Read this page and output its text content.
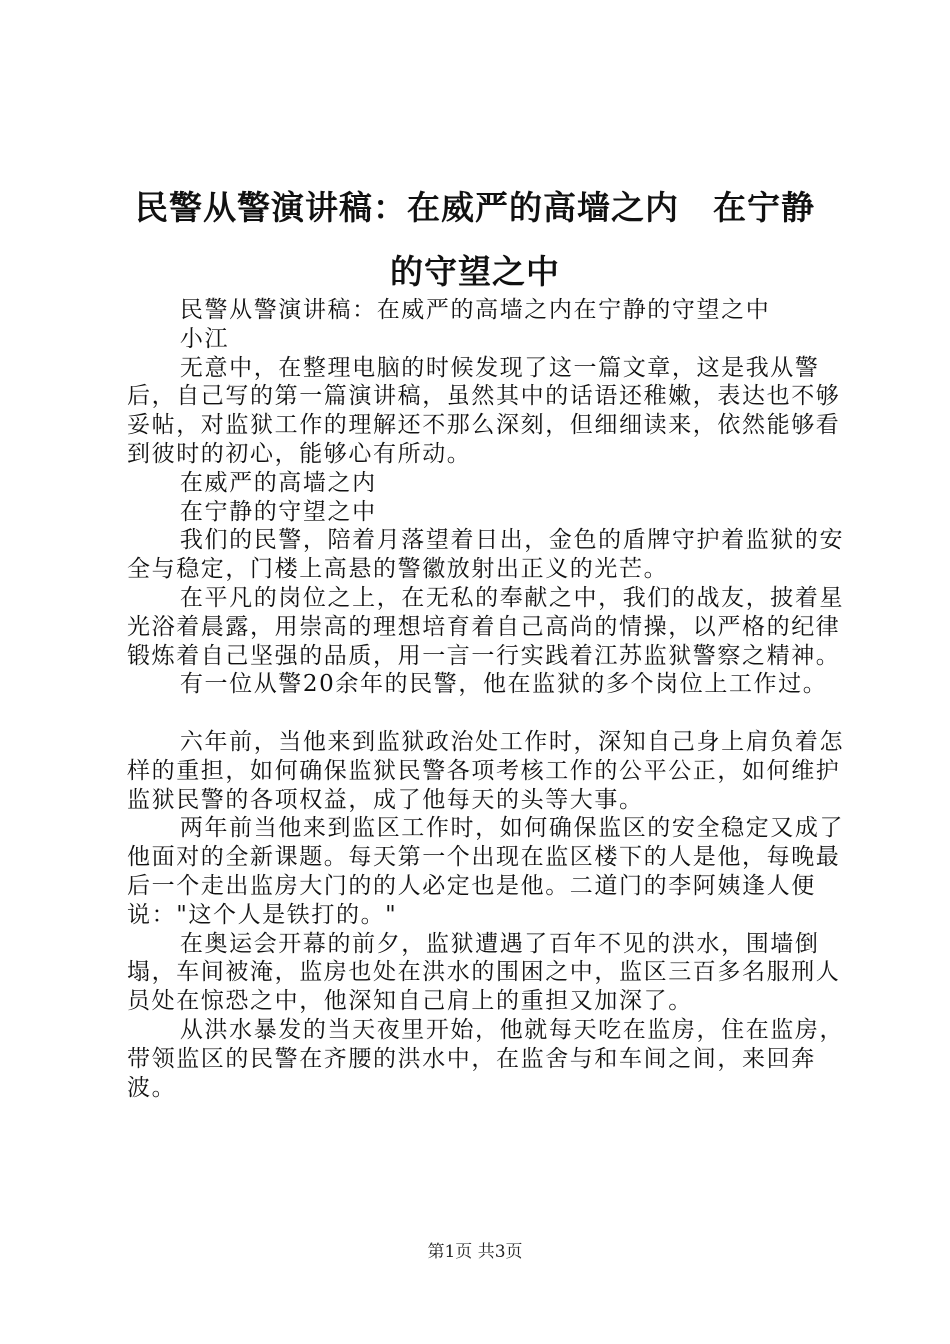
民警从警演讲稿：在威严的高墙之内　在宁静
的守望之中

民警从警演讲稿：在威严的高墙之内在宁静的守望之中

小江

无意中，在整理电脑的时候发现了这一篇文章，这是我从警后，自己写的第一篇演讲稿，虽然其中的话语还稚嫩，表达也不够妥帖，对监狱工作的理解还不那么深刻，但细细读来，依然能够看到彼时的初心，能够心有所动。

在威严的高墙之内

在宁静的守望之中

我们的民警，陪着月落望着日出，金色的盾牌守护着监狱的安全与稳定，门楼上高悬的警徽放射出正义的光芒。

在平凡的岗位之上，在无私的奉献之中，我们的战友，披着星光浴着晨露，用崇高的理想培育着自己高尚的情操，以严格的纪律锻炼着自己坚强的品质，用一言一行实践着江苏监狱警察之精神。

有一位从警20余年的民警，他在监狱的多个岗位上工作过。

六年前，当他来到监狱政治处工作时，深知自己身上肩负着怎样的重担，如何确保监狱民警各项考核工作的公平公正，如何维护监狱民警的各项权益，成了他每天的头等大事。

两年前当他来到监区工作时，如何确保监区的安全稳定又成了他面对的全新课题。每天第一个出现在监区楼下的人是他，每晚最后一个走出监房大门的的人必定也是他。二道门的李阿姨逢人便说："这个人是铁打的。"

在奥运会开幕的前夕，监狱遭遇了百年不见的洪水，围墙倒塌，车间被淹，监房也处在洪水的围困之中，监区三百多名服刑人员处在惊恐之中，他深知自己肩上的重担又加深了。

从洪水暴发的当天夜里开始，他就每天吃在监房，住在监房，带领监区的民警在齐腰的洪水中，在监舍与和车间之间，来回奔波。

第1页 共3页
